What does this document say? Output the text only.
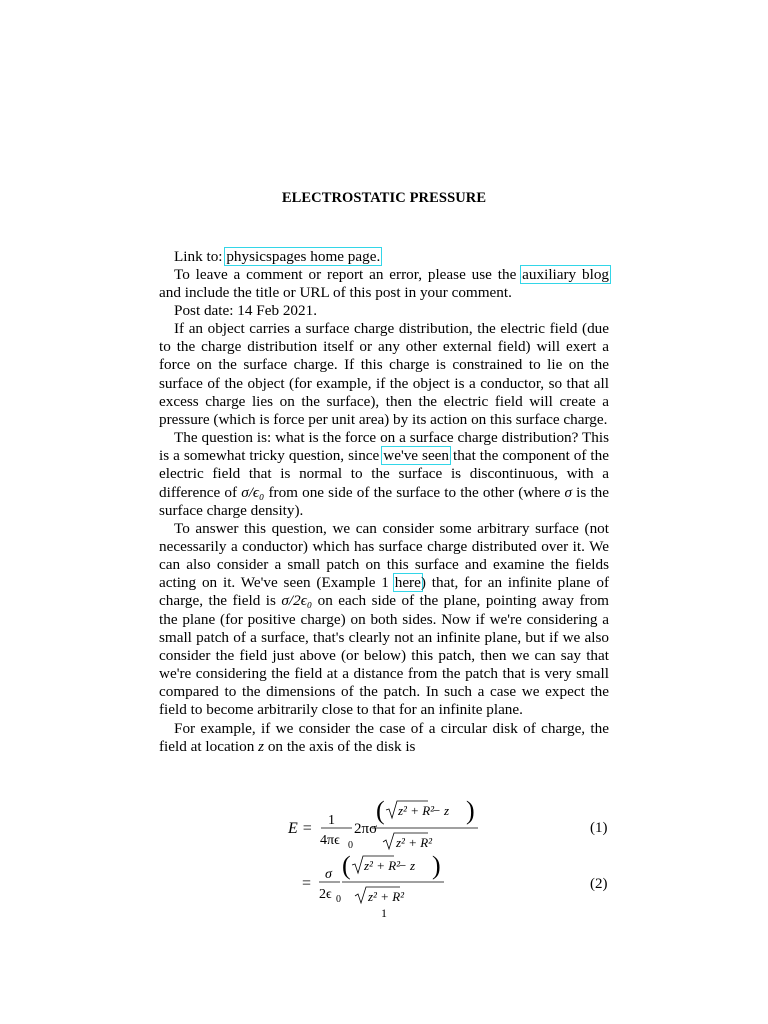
ELECTROSTATIC PRESSURE

Link to: physicspages home page.

To leave a comment or report an error, please use the auxiliary blog and include the title or URL of this post in your comment.

Post date: 14 Feb 2021.

If an object carries a surface charge distribution, the electric field (due to the charge distribution itself or any other external field) will exert a force on the surface charge. If this charge is constrained to lie on the surface of the object (for example, if the object is a conductor, so that all excess charge lies on the surface), then the electric field will create a pressure (which is force per unit area) by its action on this surface charge.

The question is: what is the force on a surface charge distribution? This is a somewhat tricky question, since we've seen that the component of the electric field that is normal to the surface is discontinuous, with a difference of σ/ϵ₀ from one side of the surface to the other (where σ is the surface charge density).

To answer this question, we can consider some arbitrary surface (not necessarily a conductor) which has surface charge distributed over it. We can also consider a small patch on this surface and examine the fields acting on it. We've seen (Example 1 here) that, for an infinite plane of charge, the field is σ/2ϵ₀ on each side of the plane, pointing away from the plane (for positive charge) on both sides. Now if we're considering a small patch of a surface, that's clearly not an infinite plane, but if we also consider the field just above (or below) this patch, then we can say that we're considering the field at a distance from the patch that is very small compared to the dimensions of the patch. In such a case we expect the field to become arbitrarily close to that for an infinite plane.

For example, if we consider the case of a circular disk of charge, the field at location z on the axis of the disk is

E = 1
4πϵ 0
2πσ
( z² + R²
− z )
z² + R²
(1)
=
σ
2ϵ 0
( z² + R²
− z )
z² + R²
(2)
1
